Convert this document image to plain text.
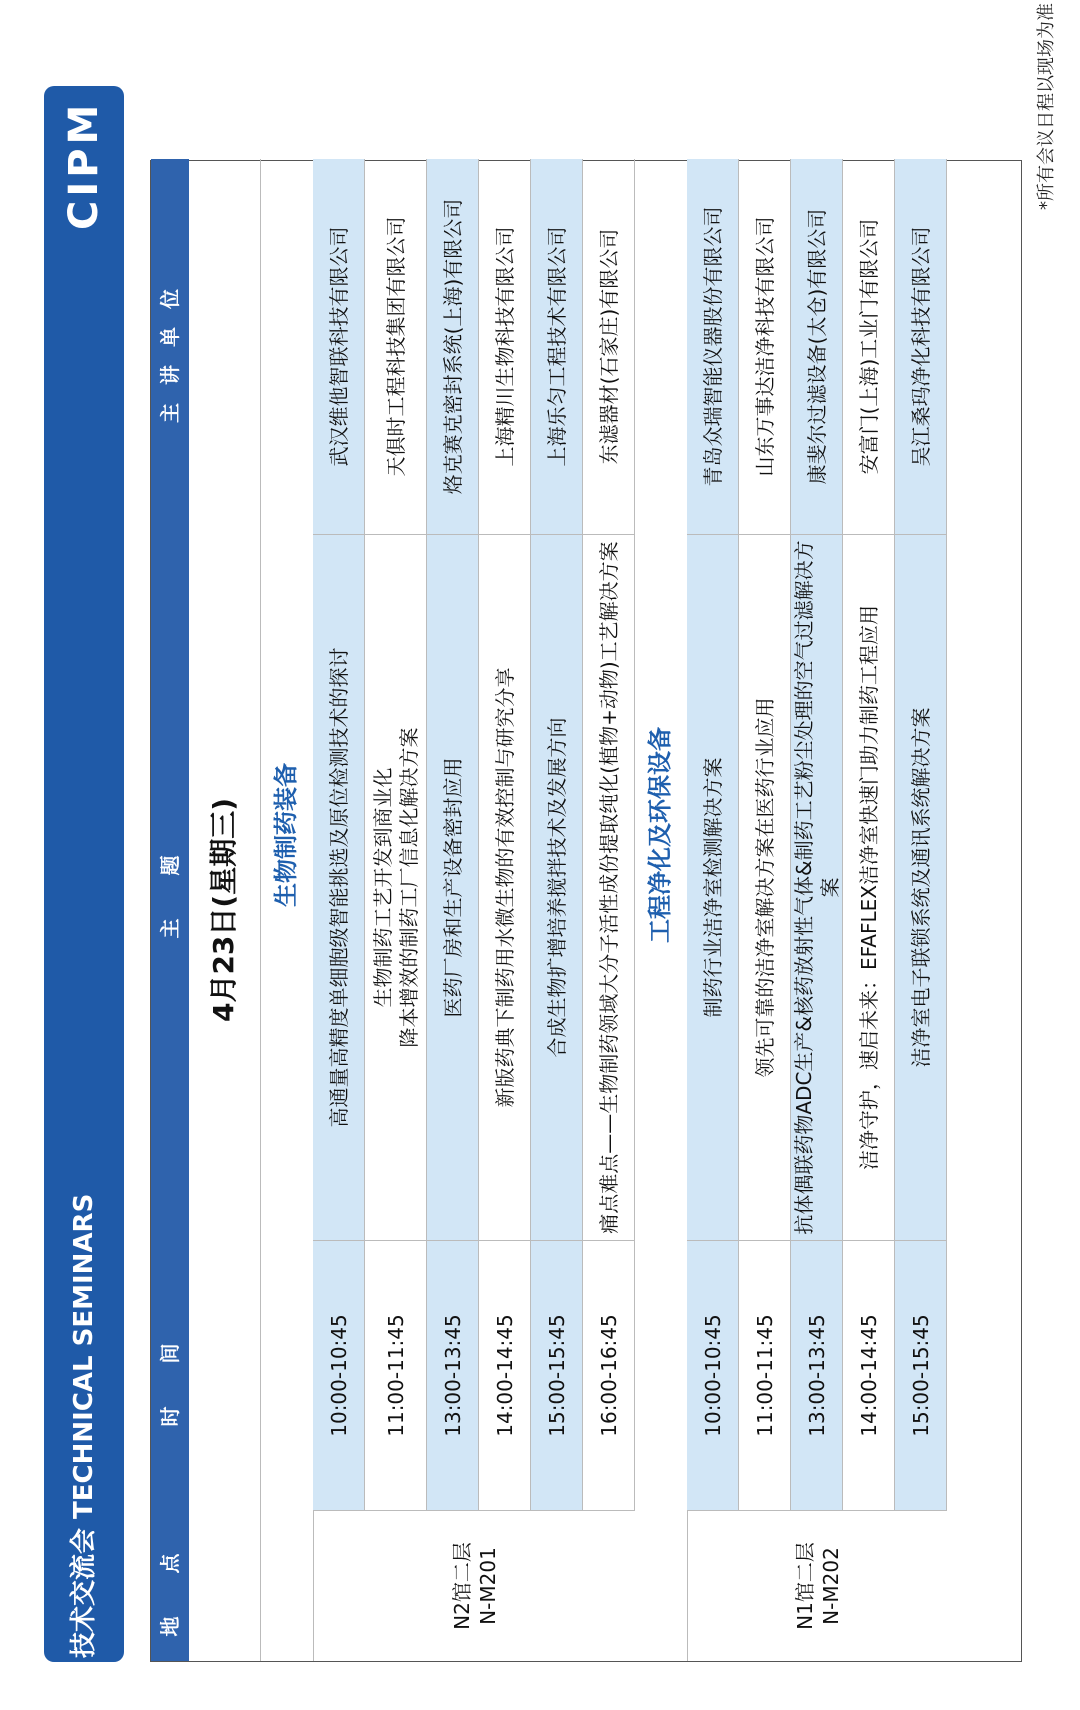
技术交流会 TECHNICAL SEMINARS
CIPM
地 点
时 间
主 题
主讲单位
生物制药装备
10:00-10:45
高通量高精度单细胞级智能挑选及原位检测技术的探讨
武汉维他智联科技有限公司
11:00-11:45
生物制药工艺开发到商业化 降本增效的制药工厂信息化解决方案
天俱时工程科技集团有限公司
13:00-13:45
医药厂房和生产设备密封应用
烙克赛克密封系统(上海)有限公司
14:00-14:45
新版药典下制药用水微生物的有效控制与研究分享
上海精川生物科技有限公司
15:00-15:45
合成生物扩增培养搅拌技术及发展方向
上海乐匀工程技术有限公司
16:00-16:45
痛点难点——生物制药领域大分子活性成份提取纯化(植物+动物)工艺解决方案
东滤器材(石家庄)有限公司
N2馆二层 N-M201
工程净化及环保设备
10:00-10:45
制药行业洁净室检测解决方案
青岛众瑞智能仪器股份有限公司
11:00-11:45
领先可靠的洁净室解决方案在医药行业应用
山东万事达洁净科技有限公司
13:00-13:45
抗体偶联药物ADC生产&核药放射性气体&制药工艺粉尘处理的空气过滤解决方案
康斐尔过滤设备(太仓)有限公司
14:00-14:45
洁净守护，速启未来：EFAFLEX洁净室快速门助力制药工程应用
安富门(上海)工业门有限公司
15:00-15:45
洁净室电子联锁系统及通讯系统解决方案
吴江桑玛净化科技有限公司
N1馆二层 N-M202
4月23日(星期三)
*所有会议日程以现场为准
